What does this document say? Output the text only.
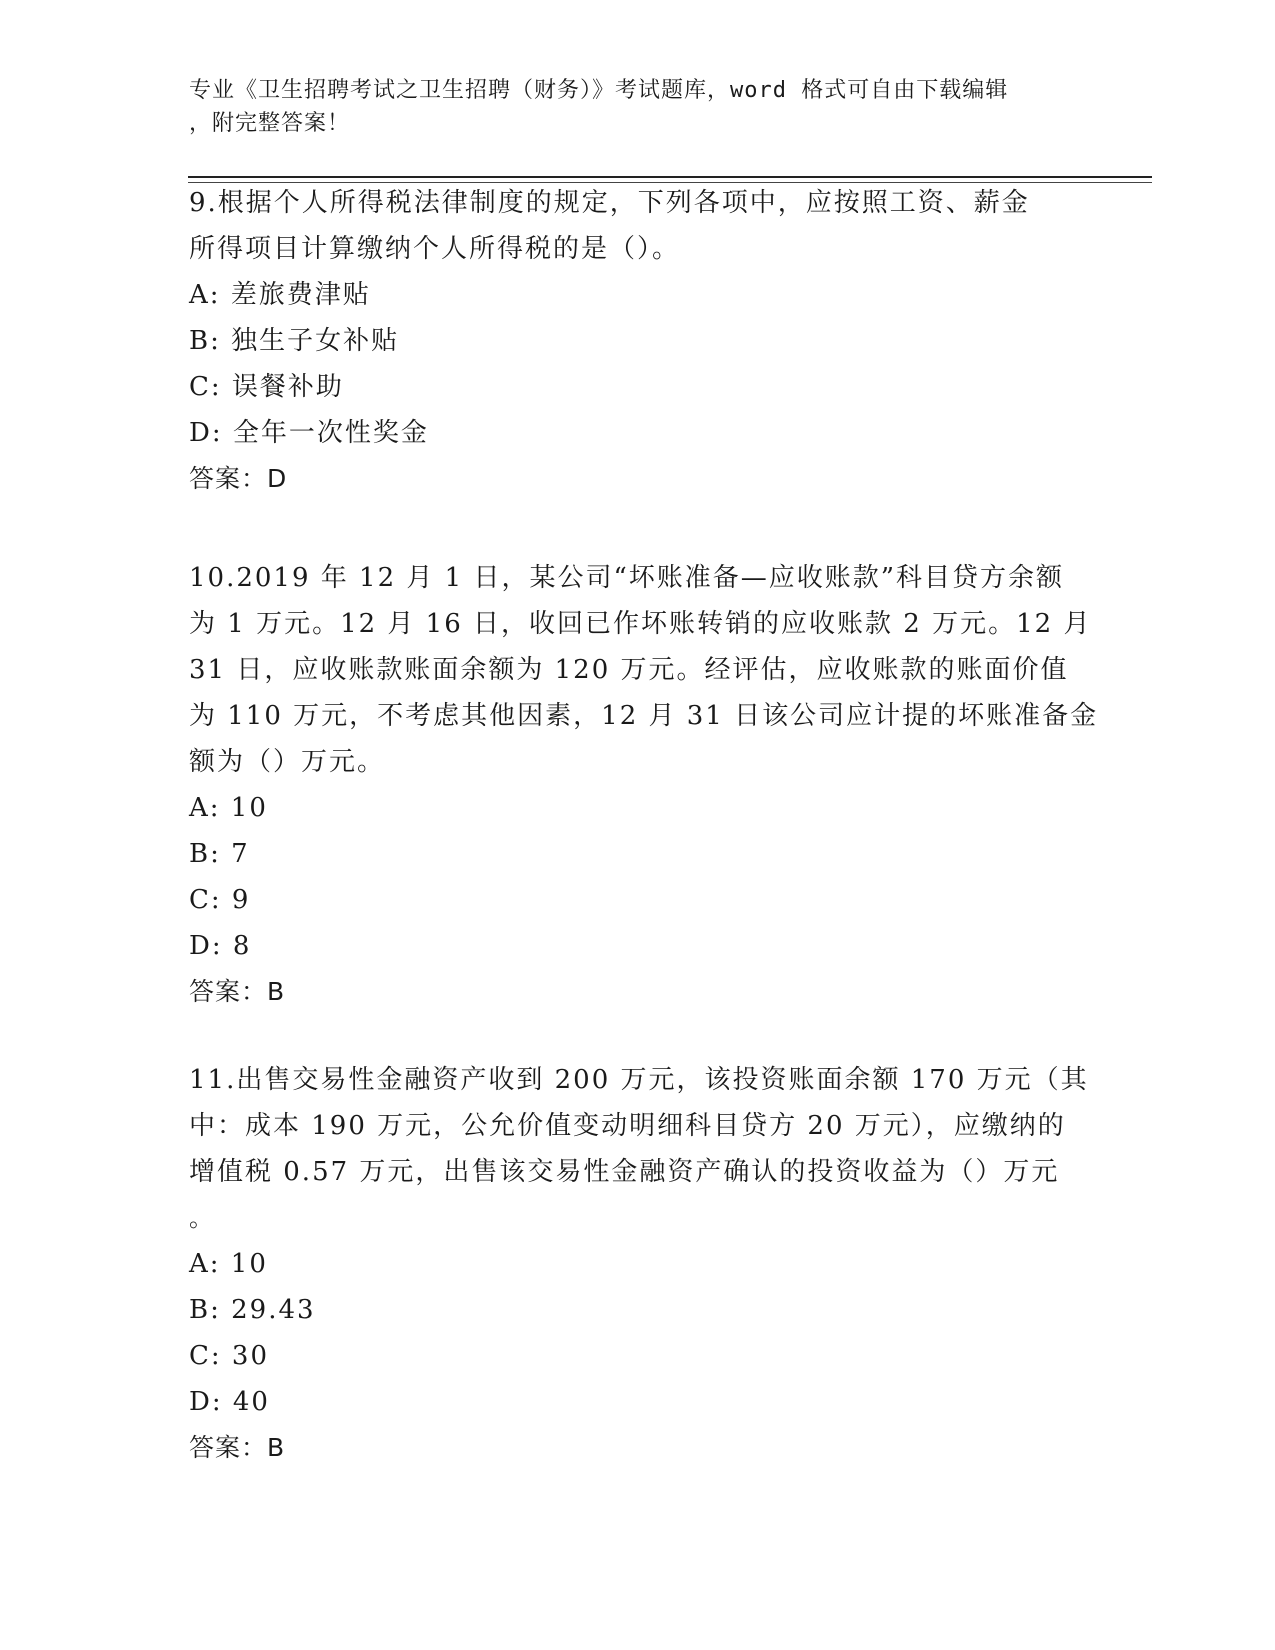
专业《卫生招聘考试之卫生招聘（财务）》考试题库，word 格式可自由下载编辑
，附完整答案！
9.根据个人所得税法律制度的规定，下列各项中，应按照工资、薪金
所得项目计算缴纳个人所得税的是（）。
A: 差旅费津贴
B: 独生子女补贴
C: 误餐补助
D: 全年一次性奖金
答案：D
10.2019 年 12 月 1 日，某公司“坏账准备—应收账款”科目贷方余额
为 1 万元。12 月 16 日，收回已作坏账转销的应收账款 2 万元。12 月
31 日，应收账款账面余额为 120 万元。经评估，应收账款的账面价值
为 110 万元，不考虑其他因素，12 月 31 日该公司应计提的坏账准备金
额为（）万元。
A: 10
B: 7
C: 9
D: 8
答案：B
11.出售交易性金融资产收到 200 万元，该投资账面余额 170 万元（其
中：成本 190 万元，公允价值变动明细科目贷方 20 万元），应缴纳的
增值税 0.57 万元，出售该交易性金融资产确认的投资收益为（）万元
。
A: 10
B: 29.43
C: 30
D: 40
答案：B
